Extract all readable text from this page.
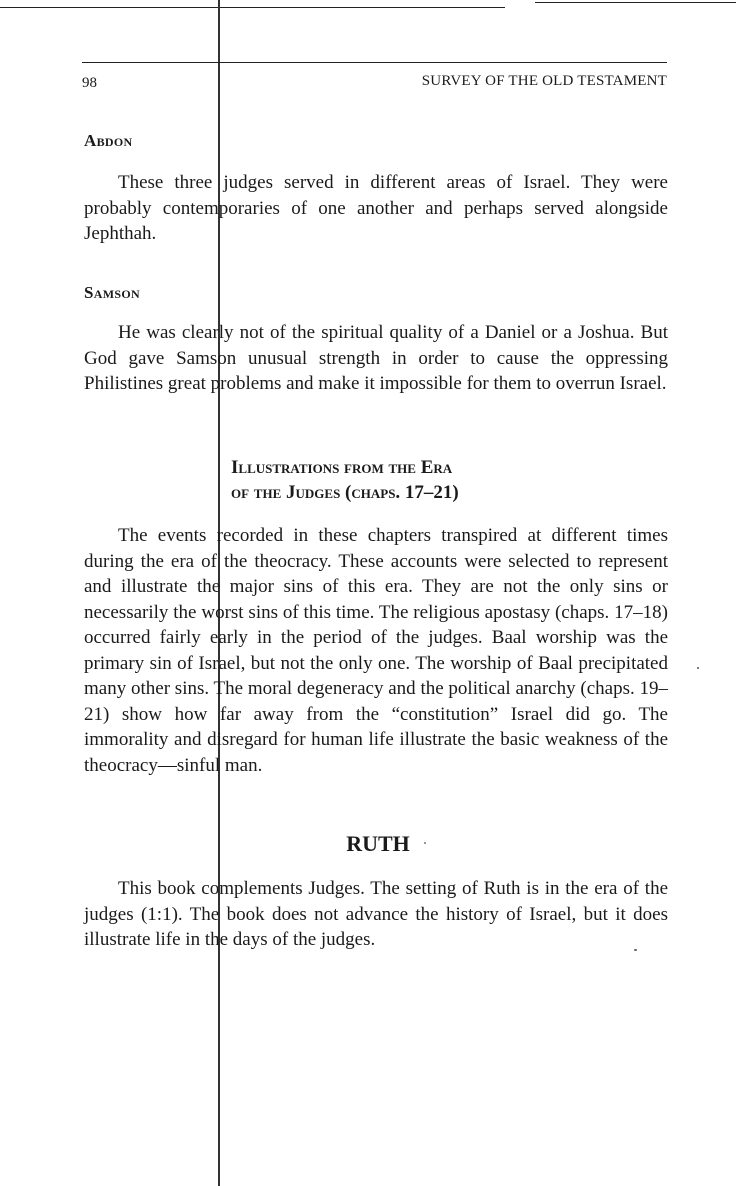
98	SURVEY OF THE OLD TESTAMENT
Abdon

These three judges served in different areas of Israel. They were probably contemporaries of one another and perhaps served alongside Jephthah.

Samson

He was clearly not of the spiritual quality of a Daniel or a Joshua. But God gave Samson unusual strength in order to cause the oppressing Philistines great problems and make it impossible for them to overrun Israel.

Illustrations from the Era
of the Judges (chaps. 17–21)

The events recorded in these chapters transpired at different times during the era of the theocracy. These accounts were selected to represent and illustrate the major sins of this era. They are not the only sins or necessarily the worst sins of this time. The religious apostasy (chaps. 17–18) occurred fairly early in the period of the judges. Baal worship was the primary sin of Israel, but not the only one. The worship of Baal precipitated many other sins. The moral degeneracy and the political anarchy (chaps. 19–21) show how far away from the “constitution” Israel did go. The immorality and disregard for human life illustrate the basic weakness of the theocracy—sinful man.

RUTH

This book complements Judges. The setting of Ruth is in the era of the judges (1:1). The book does not advance the history of Israel, but it does illustrate life in the days of the judges.
